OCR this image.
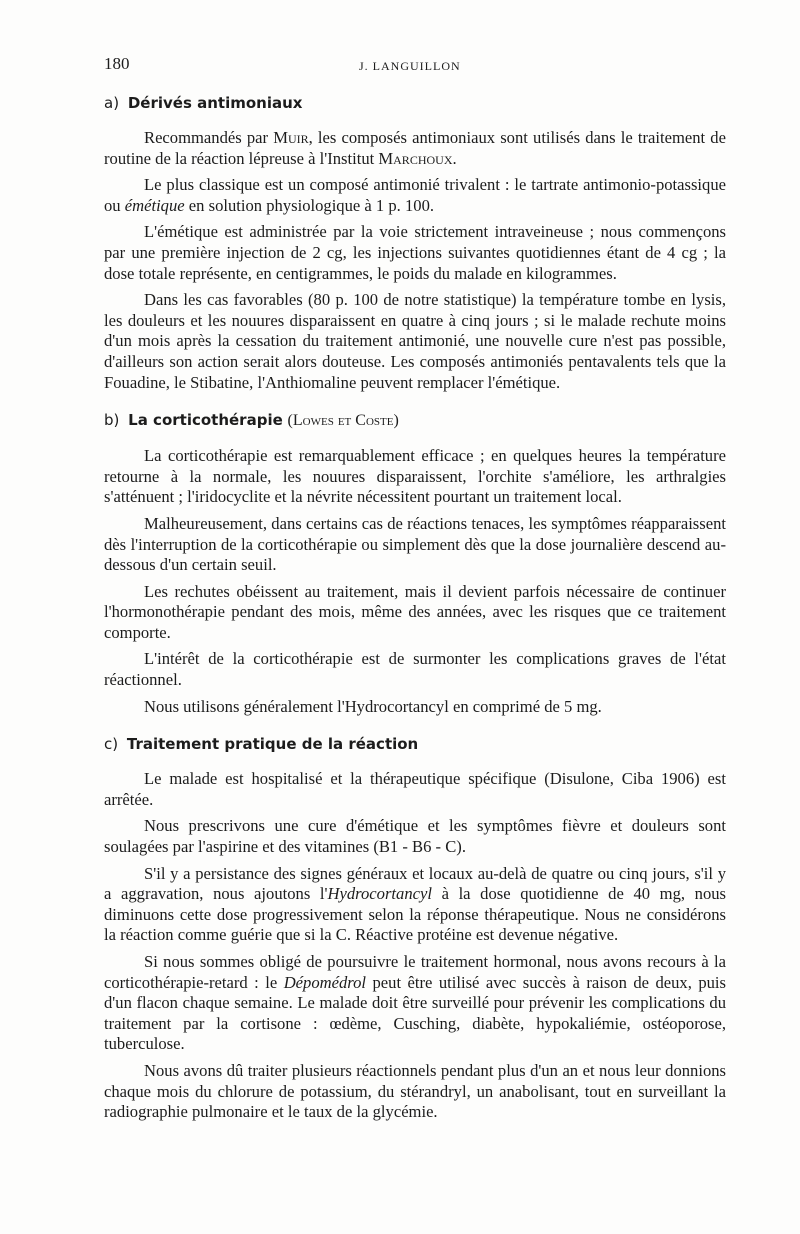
180	J. LANGUILLON
a) Dérivés antimoniaux

Recommandés par Muir, les composés antimoniaux sont utilisés dans le traitement de routine de la réaction lépreuse à l'Institut Marchoux.

Le plus classique est un composé antimonié trivalent : le tartrate antimonio-potassique ou émétique en solution physiologique à 1 p. 100.

L'émétique est administrée par la voie strictement intraveineuse ; nous commençons par une première injection de 2 cg, les injections suivantes quotidiennes étant de 4 cg ; la dose totale représente, en centigrammes, le poids du malade en kilogrammes.

Dans les cas favorables (80 p. 100 de notre statistique) la température tombe en lysis, les douleurs et les nouures disparaissent en quatre à cinq jours ; si le malade rechute moins d'un mois après la cessation du traitement antimonié, une nouvelle cure n'est pas possible, d'ailleurs son action serait alors douteuse. Les composés antimoniés pentavalents tels que la Fouadine, le Stibatine, l'Anthiomaline peuvent remplacer l'émétique.

b) La corticothérapie (Lowes et Coste)

La corticothérapie est remarquablement efficace ; en quelques heures la température retourne à la normale, les nouures disparaissent, l'orchite s'améliore, les arthralgies s'atténuent ; l'iridocyclite et la névrite nécessitent pourtant un traitement local.

Malheureusement, dans certains cas de réactions tenaces, les symptômes réapparaissent dès l'interruption de la corticothérapie ou simplement dès que la dose journalière descend au-dessous d'un certain seuil.

Les rechutes obéissent au traitement, mais il devient parfois nécessaire de continuer l'hormonothérapie pendant des mois, même des années, avec les risques que ce traitement comporte.

L'intérêt de la corticothérapie est de surmonter les complications graves de l'état réactionnel.

Nous utilisons généralement l'Hydrocortancyl en comprimé de 5 mg.

c) Traitement pratique de la réaction

Le malade est hospitalisé et la thérapeutique spécifique (Disulone, Ciba 1906) est arrêtée.

Nous prescrivons une cure d'émétique et les symptômes fièvre et douleurs sont soulagées par l'aspirine et des vitamines (B1 - B6 - C).

S'il y a persistance des signes généraux et locaux au-delà de quatre ou cinq jours, s'il y a aggravation, nous ajoutons l'Hydrocortancyl à la dose quotidienne de 40 mg, nous diminuons cette dose progressivement selon la réponse thérapeutique. Nous ne considérons la réaction comme guérie que si la C. Réactive protéine est devenue négative.

Si nous sommes obligé de poursuivre le traitement hormonal, nous avons recours à la corticothérapie-retard : le Dépomédrol peut être utilisé avec succès à raison de deux, puis d'un flacon chaque semaine. Le malade doit être surveillé pour prévenir les complications du traitement par la cortisone : œdème, Cusching, diabète, hypokaliémie, ostéoporose, tuberculose.

Nous avons dû traiter plusieurs réactionnels pendant plus d'un an et nous leur donnions chaque mois du chlorure de potassium, du stérandryl, un anabolisant, tout en surveillant la radiographie pulmonaire et le taux de la glycémie.
